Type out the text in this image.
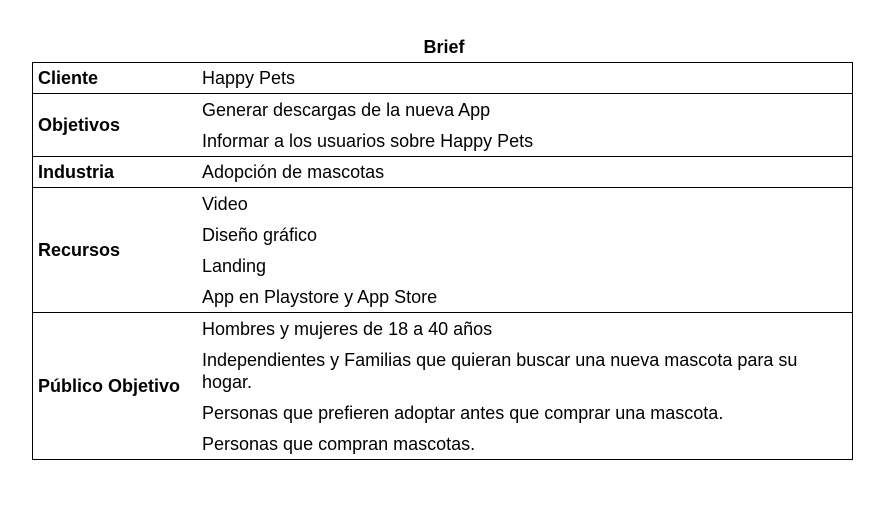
Brief
Cliente	Happy Pets

Objetivos	Generar descargas de la nueva App
Informar a los usuarios sobre Happy Pets

Industria	Adopción de mascotas

Recursos	Video
Diseño gráfico
Landing
App en Playstore y App Store

Público Objetivo	Hombres y mujeres de 18 a 40 años
Independientes y Familias que quieran buscar una nueva mascota para su hogar.
Personas que prefieren adoptar antes que comprar una mascota.
Personas que compran mascotas.
